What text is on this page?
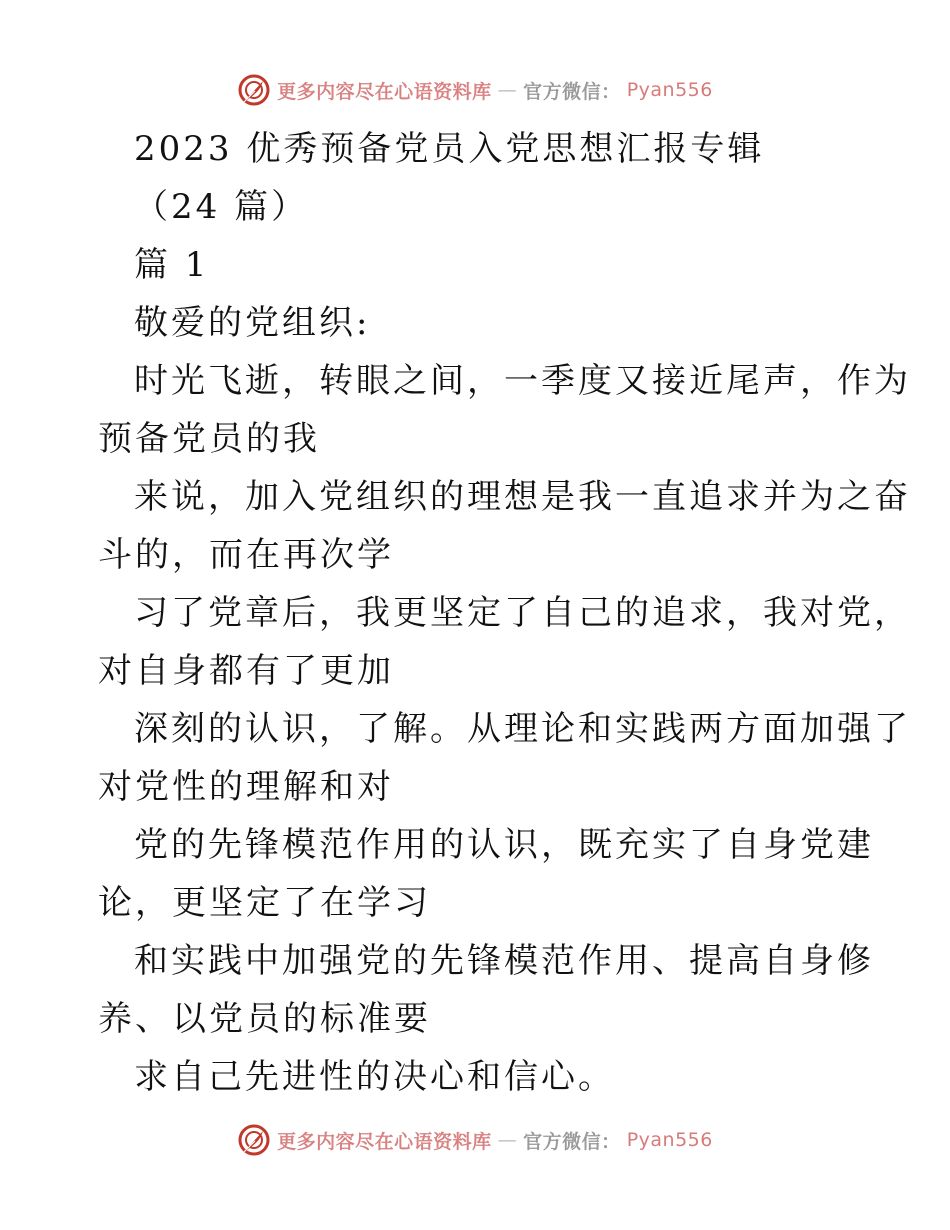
更多内容尽在心语资料库 — 官方微信： Pyan556
2023 优秀预备党员入党思想汇报专辑
（24 篇）
篇 1
敬爱的党组织:
时光飞逝，转眼之间，一季度又接近尾声，作为
预备党员的我
来说，加入党组织的理想是我一直追求并为之奋
斗的，而在再次学
习了党章后，我更坚定了自己的追求，我对党，
对自身都有了更加
深刻的认识，了解。从理论和实践两方面加强了
对党性的理解和对
党的先锋模范作用的认识，既充实了自身党建
论，更坚定了在学习
和实践中加强党的先锋模范作用、提高自身修
养、以党员的标准要
求自己先进性的决心和信心。
更多内容尽在心语资料库 — 官方微信： Pyan556
